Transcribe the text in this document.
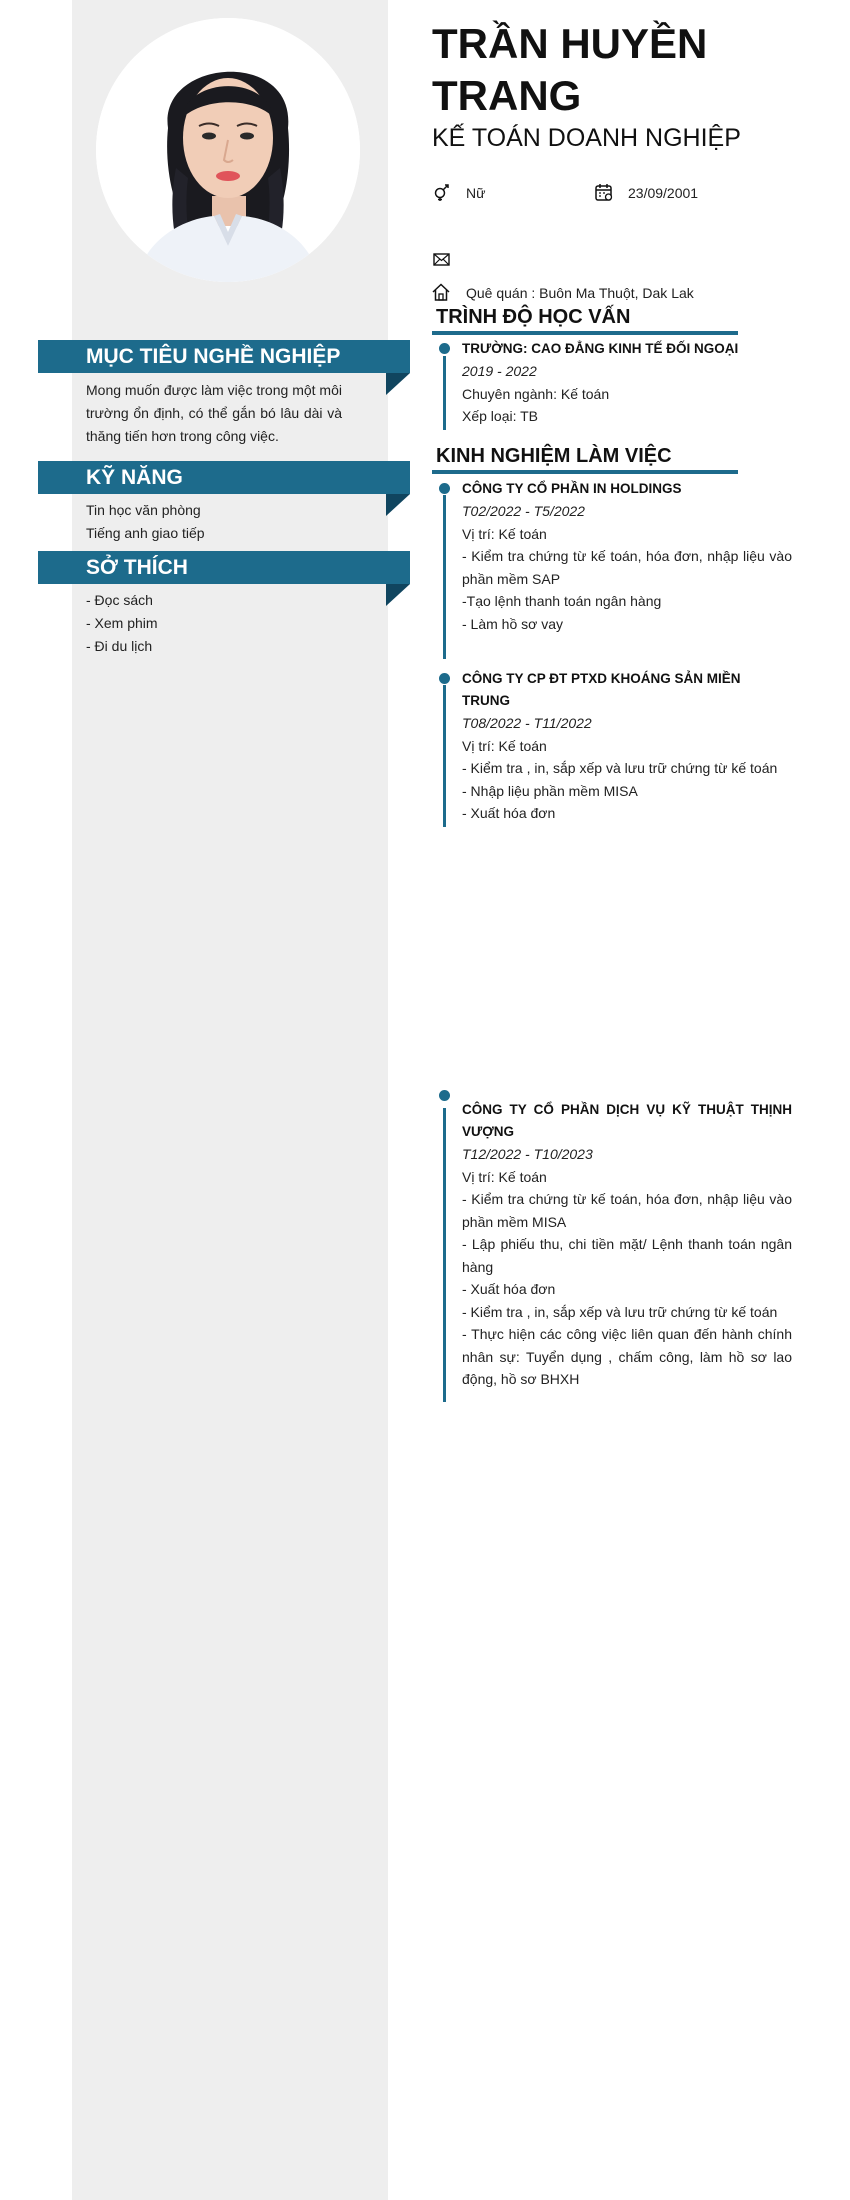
MỤC TIÊU NGHỀ NGHIỆP
Mong muốn được làm việc trong một môi trường ổn định, có thể gắn bó lâu dài và thăng tiến hơn trong công việc.
KỸ NĂNG
Tin học văn phòng
Tiếng anh giao tiếp
SỞ THÍCH
- Đọc sách
- Xem phim
- Đi du lịch
TRẦN HUYỀN TRANG
KẾ TOÁN DOANH NGHIỆP
Nữ	23/09/2001
Quê quán : Buôn Ma Thuột, Dak Lak
TRÌNH ĐỘ HỌC VẤN
TRƯỜNG: CAO ĐẲNG KINH TẾ ĐỐI NGOẠI
2019 - 2022
Chuyên ngành: Kế toán
Xếp loại: TB
KINH NGHIỆM LÀM VIỆC
CÔNG TY CỔ PHẦN IN HOLDINGS
T02/2022 - T5/2022
Vị trí: Kế toán
- Kiểm tra chứng từ kế toán, hóa đơn, nhập liệu vào phần mềm SAP
-Tạo lệnh thanh toán ngân hàng
- Làm hồ sơ vay
CÔNG TY CP ĐT PTXD KHOÁNG SẢN MIỀN TRUNG
T08/2022 - T11/2022
Vị trí: Kế toán
- Kiểm tra , in, sắp xếp và lưu trữ chứng từ kế toán
- Nhập liệu phần mềm MISA
- Xuất hóa đơn
CÔNG TY CỔ PHẦN DỊCH VỤ KỸ THUẬT THỊNH VƯỢNG
T12/2022 - T10/2023
Vị trí: Kế toán
- Kiểm tra chứng từ kế toán, hóa đơn, nhập liệu vào phần mềm MISA
- Lập phiếu thu, chi tiền mặt/ Lệnh thanh toán ngân hàng
- Xuất hóa đơn
- Kiểm tra , in, sắp xếp và lưu trữ chứng từ kế toán
- Thực hiện các công việc liên quan đến hành chính nhân sự: Tuyển dụng , chấm công, làm hồ sơ lao động, hồ sơ BHXH
